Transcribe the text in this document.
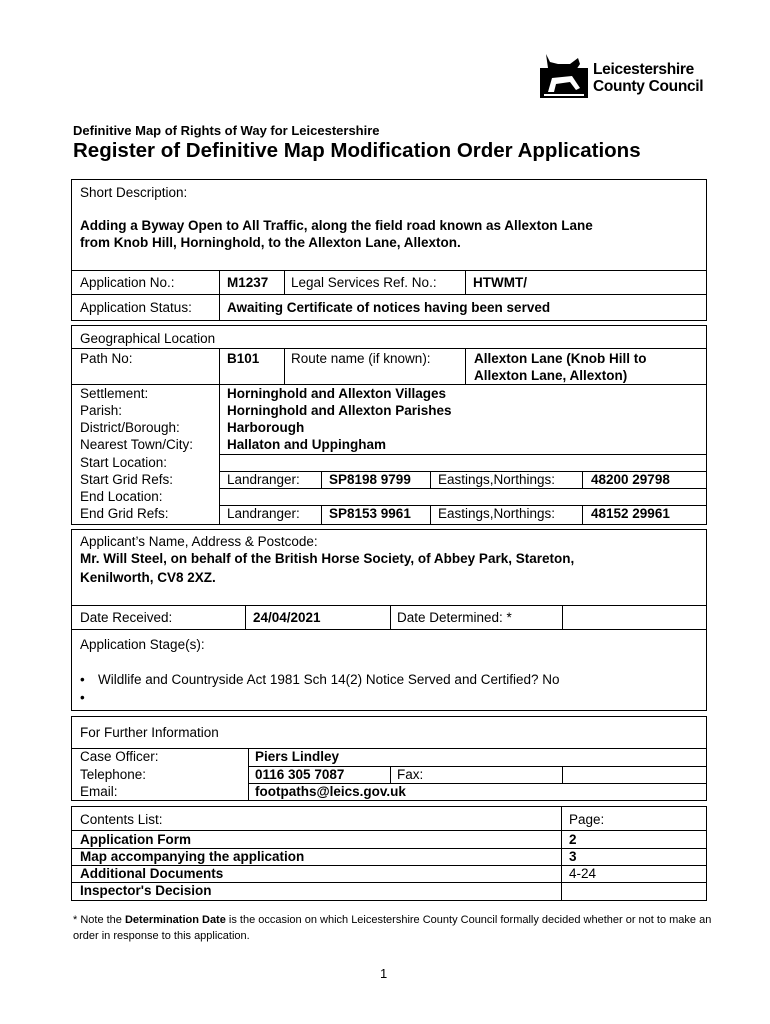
Leicestershire
County Council
Definitive Map of Rights of Way for Leicestershire
Register of Definitive Map Modification Order Applications
Short Description:
Adding a Byway Open to All Traffic, along the field road known as Allexton Lane
from Knob Hill, Horninghold, to the Allexton Lane, Allexton.
Application No.:	M1237 Legal Services Ref. No.:	HTWMT/
Application Status:	Awaiting Certificate of notices having been served
Geographical Location
Path No:	B101 Route name (if known):	Allexton Lane (Knob Hill to
Allexton Lane, Allexton)
Settlement:	Horninghold and Allexton Villages
Parish:	Horninghold and Allexton Parishes
District/Borough:	Harborough
Nearest Town/City:	Hallaton and Uppingham
Start Location:
Start Grid Refs:	Landranger: SP8198 9799 Eastings,Northings:	48200 29798
End Location:
End Grid Refs:	Landranger: SP8153 9961 Eastings,Northings:	48152 29961
Applicant’s Name, Address & Postcode:
Mr. Will Steel, on behalf of the British Horse Society, of Abbey Park, Stareton,
Kenilworth, CV8 2XZ.
Date Received:	24/04/2021	Date Determined: *
Application Stage(s):
• Wildlife and Countryside Act 1981 Sch 14(2) Notice Served and Certified? No
•
For Further Information
Case Officer:	Piers Lindley
Telephone:	0116 305 7087	Fax:
Email:	footpaths@leics.gov.uk
Contents List:	Page:
Application Form	2
Map accompanying the application	3
Additional Documents	4-24
Inspector's Decision
* Note the Determination Date is the occasion on which Leicestershire County Council formally decided whether or not to make an order in response to this application.
1
